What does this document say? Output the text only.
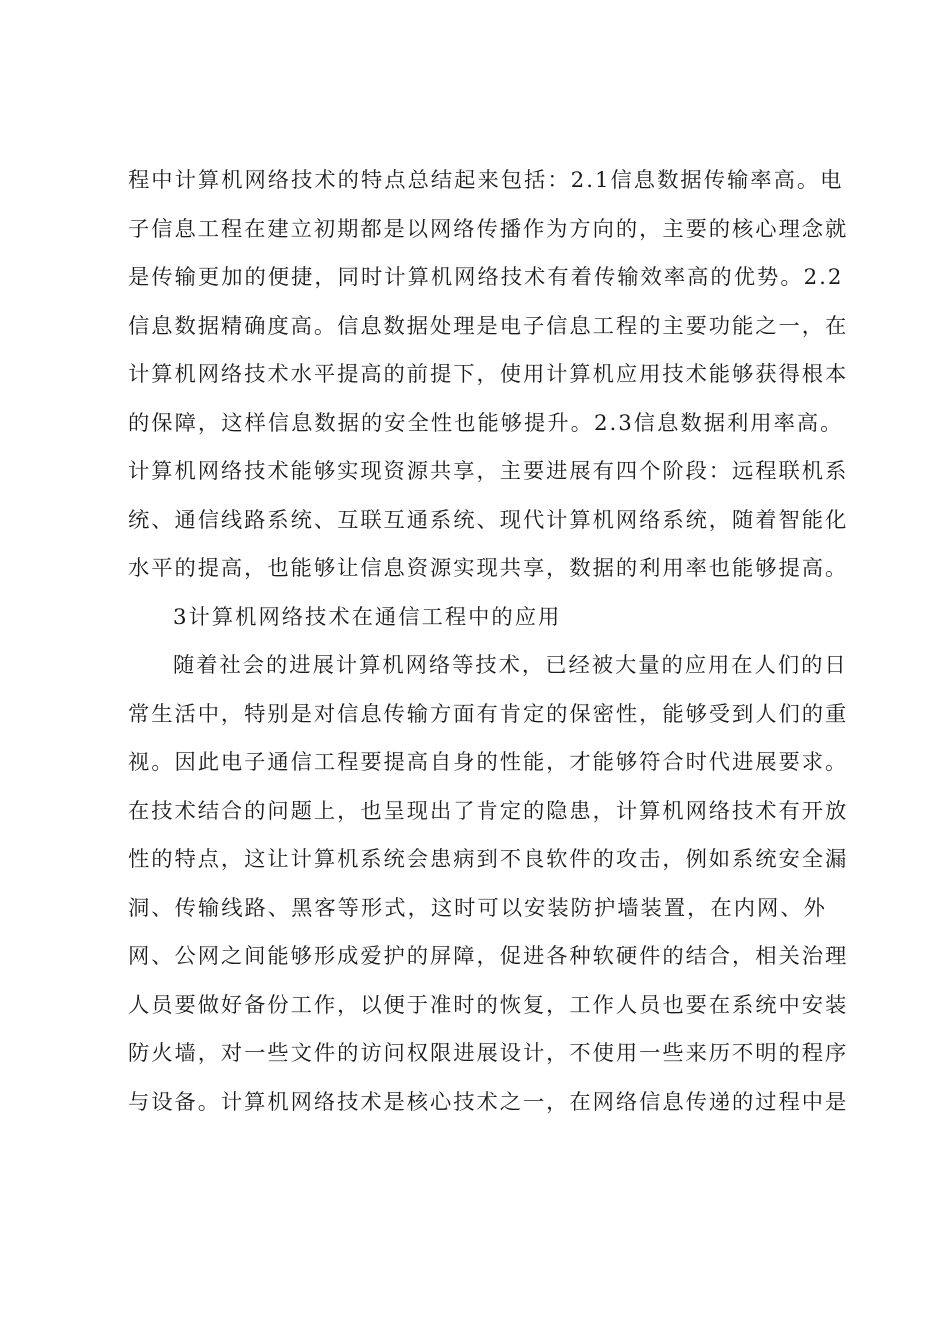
程中计算机网络技术的特点总结起来包括：2.1信息数据传输率高。电
子信息工程在建立初期都是以网络传播作为方向的，主要的核心理念就
是传输更加的便捷，同时计算机网络技术有着传输效率高的优势。2.2
信息数据精确度高。信息数据处理是电子信息工程的主要功能之一，在
计算机网络技术水平提高的前提下，使用计算机应用技术能够获得根本
的保障，这样信息数据的安全性也能够提升。2.3信息数据利用率高。
计算机网络技术能够实现资源共享，主要进展有四个阶段：远程联机系
统、通信线路系统、互联互通系统、现代计算机网络系统，随着智能化
水平的提高，也能够让信息资源实现共享，数据的利用率也能够提高。
3计算机网络技术在通信工程中的应用
随着社会的进展计算机网络等技术，已经被大量的应用在人们的日
常生活中，特别是对信息传输方面有肯定的保密性，能够受到人们的重
视。因此电子通信工程要提高自身的性能，才能够符合时代进展要求。
在技术结合的问题上，也呈现出了肯定的隐患，计算机网络技术有开放
性的特点，这让计算机系统会患病到不良软件的攻击，例如系统安全漏
洞、传输线路、黑客等形式，这时可以安装防护墙装置，在内网、外
网、公网之间能够形成爱护的屏障，促进各种软硬件的结合，相关治理
人员要做好备份工作，以便于准时的恢复，工作人员也要在系统中安装
防火墙，对一些文件的访问权限进展设计，不使用一些来历不明的程序
与设备。计算机网络技术是核心技术之一，在网络信息传递的过程中是
